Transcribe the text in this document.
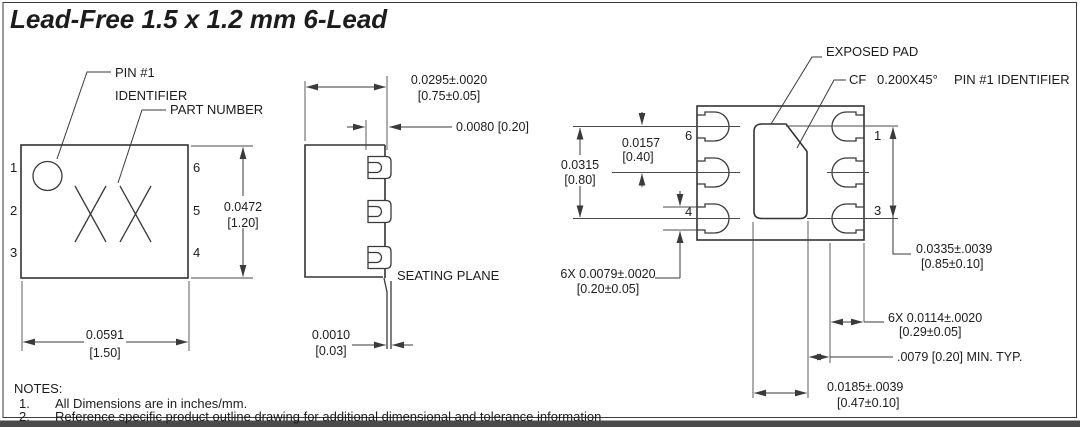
Lead-Free 1.5 x 1.2 mm 6-Lead
1
2
3
6
5
4
PIN #1
IDENTIFIER
PART NUMBER
0.0472
[1.20]
0.0591
[1.50]
0.0295±.0020
[0.75±0.05]
0.0080 [0.20]
SEATING PLANE
0.0010
[0.03]
6
4
1
3
EXPOSED PAD
CF 0.200X45° PIN #1 IDENTIFIER
0.0157
[0.40]
0.0315
[0.80]
6X 0.0079±.0020
[0.20±0.05]
0.0335±.0039
[0.85±0.10]
6X 0.0114±.0020
[0.29±0.05]
.0079 [0.20] MIN. TYP.
0.0185±.0039
[0.47±0.10]
NOTES:
1. All Dimensions are in inches/mm.
2. Reference specific product outline drawing for additional dimensional and tolerance information
